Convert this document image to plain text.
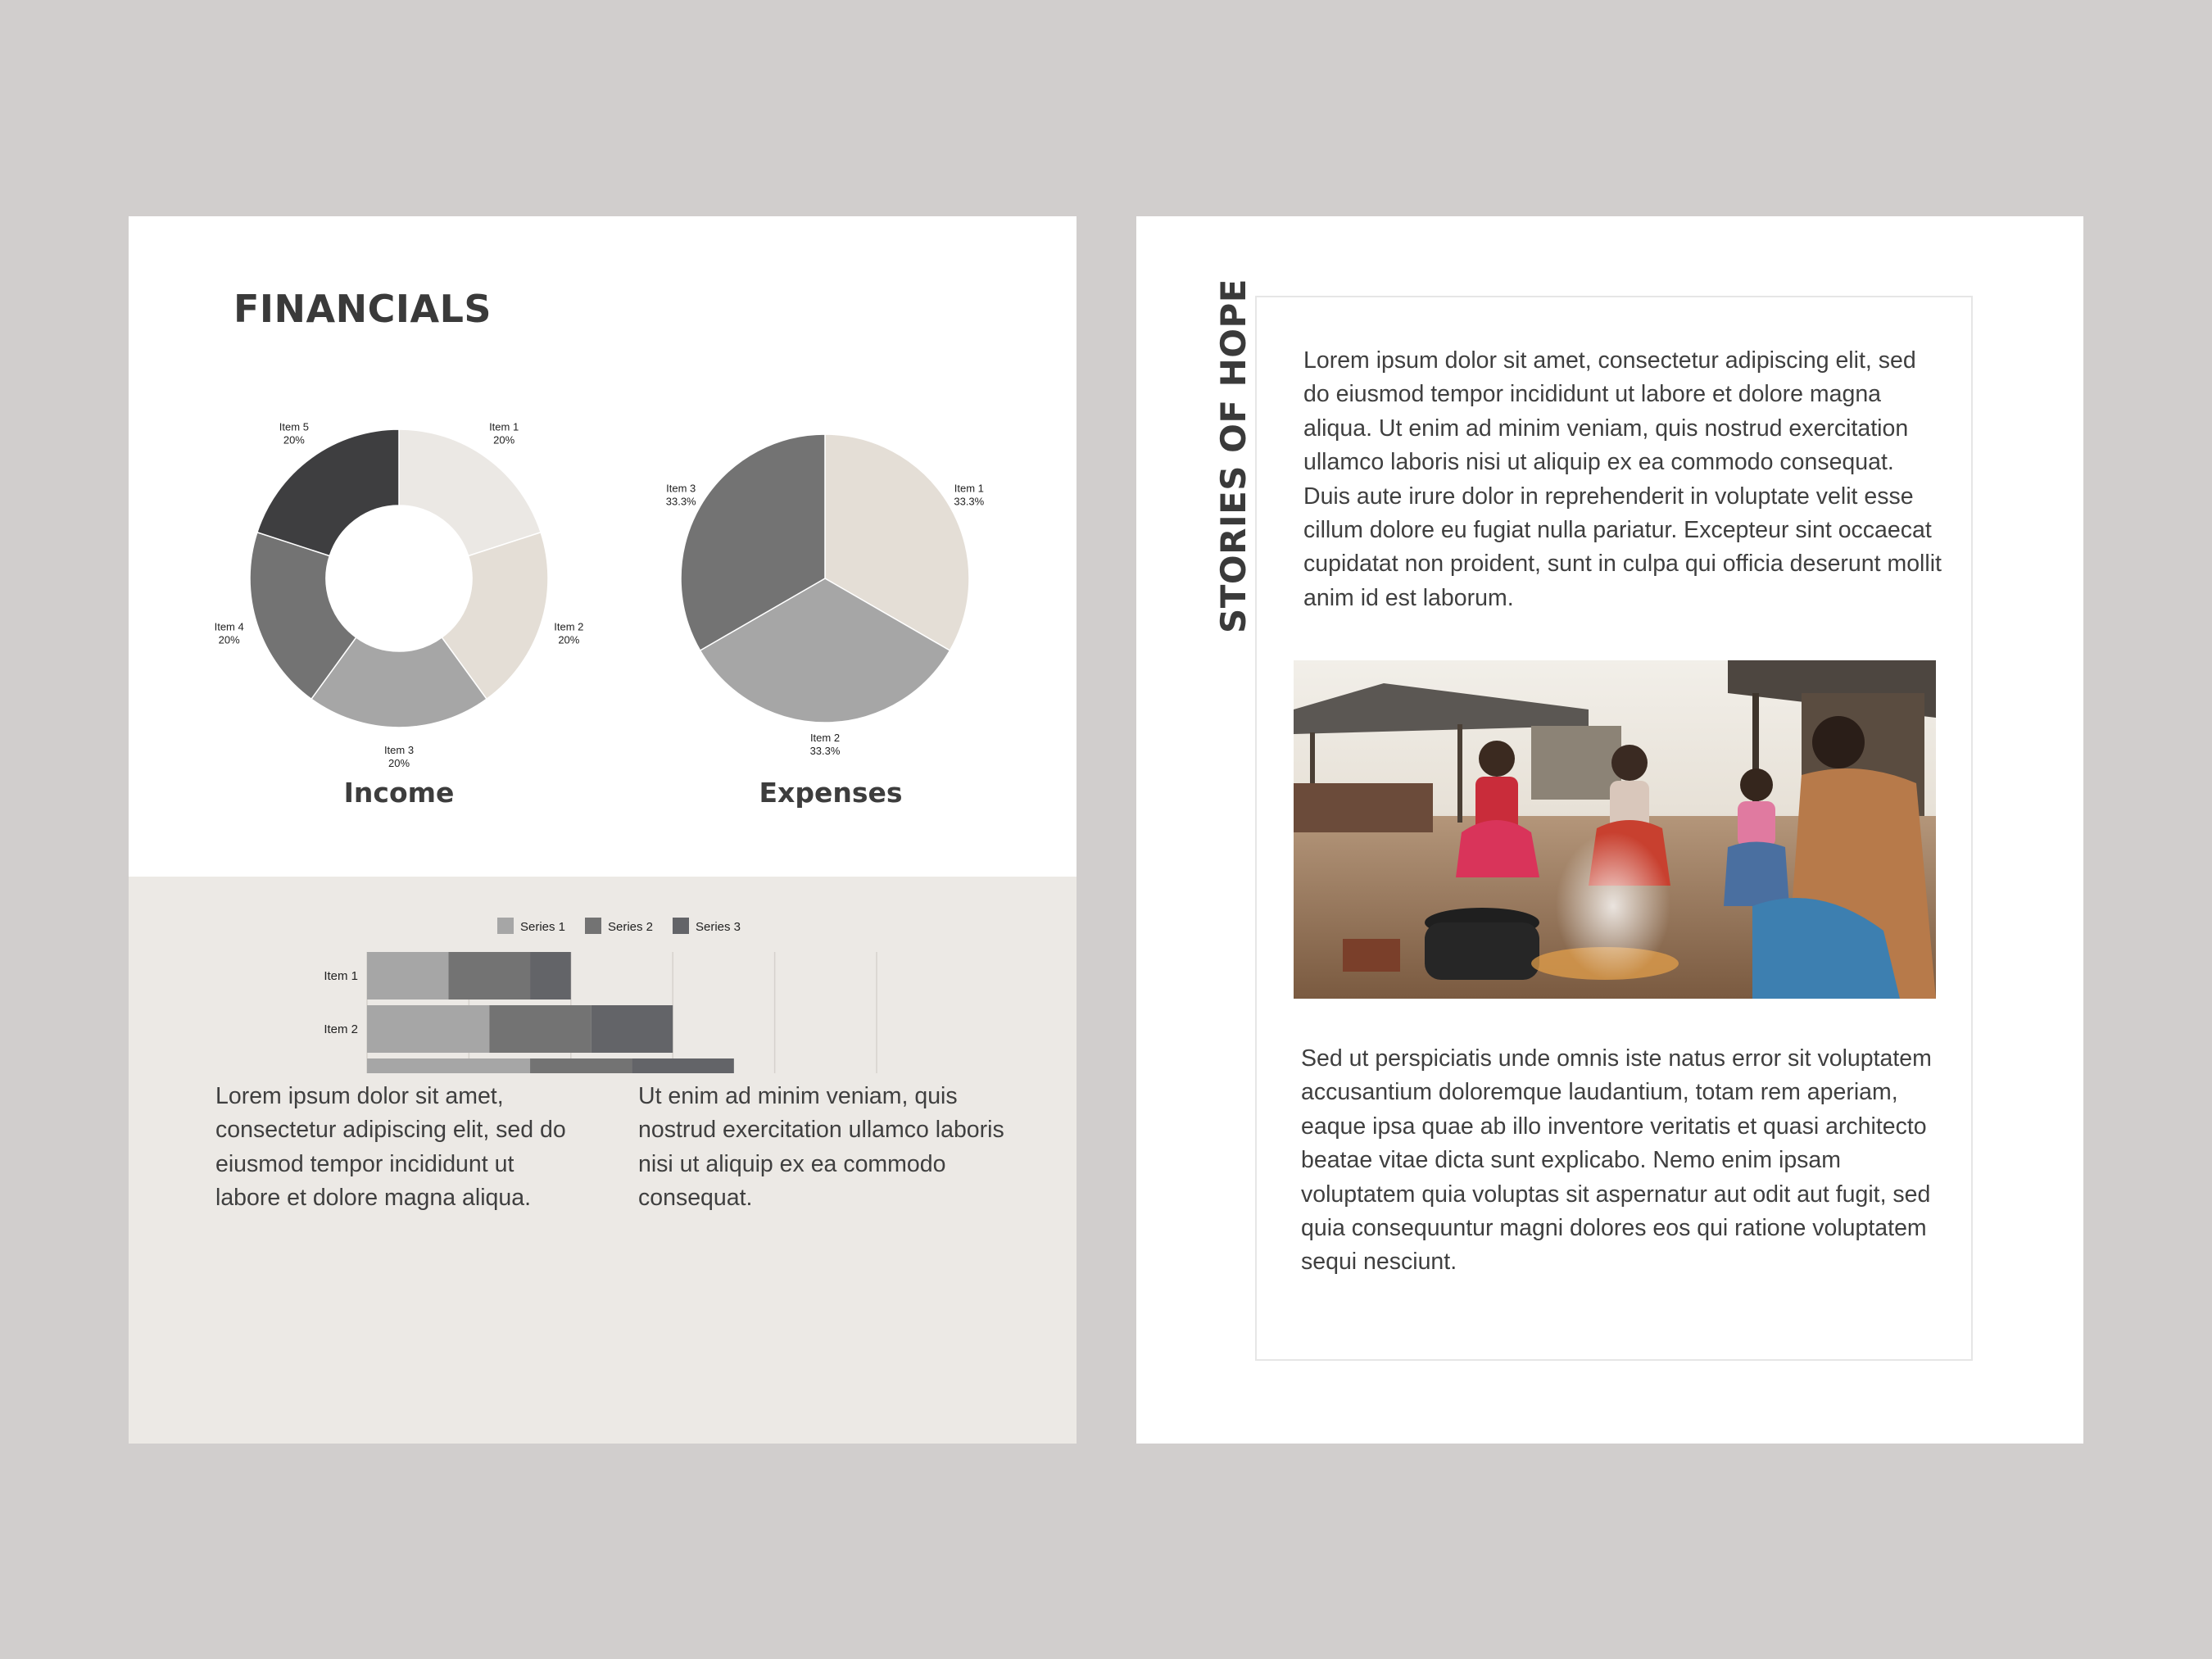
FINANCIALS
Item 1
20%
Item 2
20%
Item 3
20%
Item 4
20%
Item 5
20%
Item 1
33.3%
Item 2
33.3%
Item 3
33.3%
Income	Expenses
Series 1	Series 2	Series 3
Item 1
Item 2
Lorem ipsum dolor sit amet, consectetur adipiscing elit, sed do eiusmod tempor incididunt ut labore et dolore magna aliqua.
Ut enim ad minim veniam, quis nostrud exercitation ullamco laboris nisi ut aliquip ex ea commodo consequat.
STORIES OF HOPE Lorem ipsum dolor sit amet, consectetur adipiscing elit, sed do eiusmod tempor incididunt ut labore et dolore magna aliqua. Ut enim ad minim veniam, quis nostrud exercitation ullamco laboris nisi ut aliquip ex ea commodo consequat. Duis aute irure dolor in reprehenderit in voluptate velit esse cillum dolore eu fugiat nulla pariatur. Excepteur sint occaecat cupidatat non proident, sunt in culpa qui officia deserunt mollit anim id est laborum.
Sed ut perspiciatis unde omnis iste natus error sit voluptatem accusantium doloremque laudantium, totam rem aperiam, eaque ipsa quae ab illo inventore veritatis et quasi architecto beatae vitae dicta sunt explicabo. Nemo enim ipsam voluptatem quia voluptas sit aspernatur aut odit aut fugit, sed quia consequuntur magni dolores eos qui ratione voluptatem sequi nesciunt.
